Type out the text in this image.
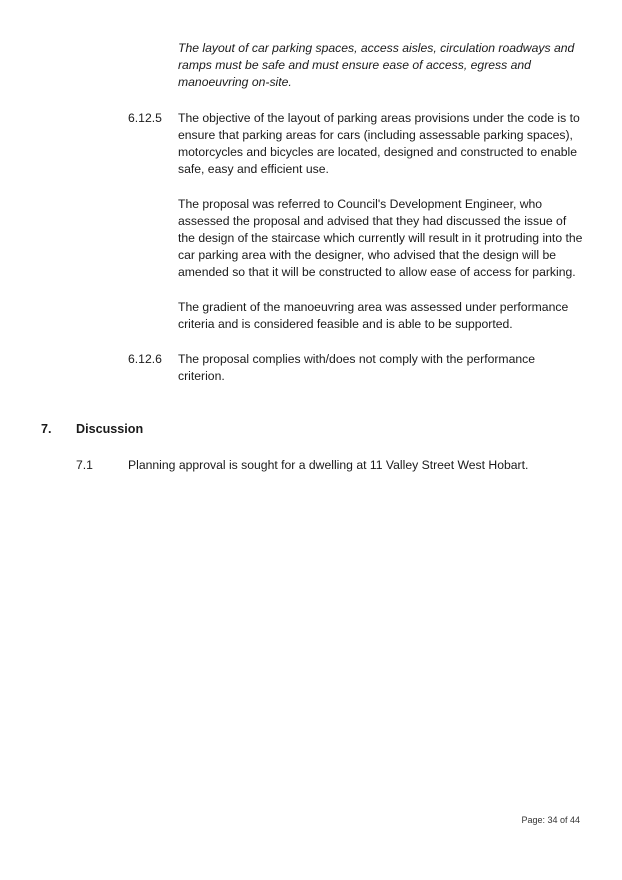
The layout of car parking spaces, access aisles, circulation roadways and ramps must be safe and must ensure ease of access, egress and manoeuvring on-site.

6.12.5 The objective of the layout of parking areas provisions under the code is to ensure that parking areas for cars (including assessable parking spaces), motorcycles and bicycles are located, designed and constructed to enable safe, easy and efficient use.

The proposal was referred to Council's Development Engineer, who assessed the proposal and advised that they had discussed the issue of the design of the staircase which currently will result in it protruding into the car parking area with the designer, who advised that the design will be amended so that it will be constructed to allow ease of access for parking.

The gradient of the manoeuvring area was assessed under performance criteria and is considered feasible and is able to be supported.

6.12.6 The proposal complies with/does not comply with the performance criterion.

7. Discussion
7.1	Planning approval is sought for a dwelling at 11 Valley Street West Hobart.

Page: 34 of 44
